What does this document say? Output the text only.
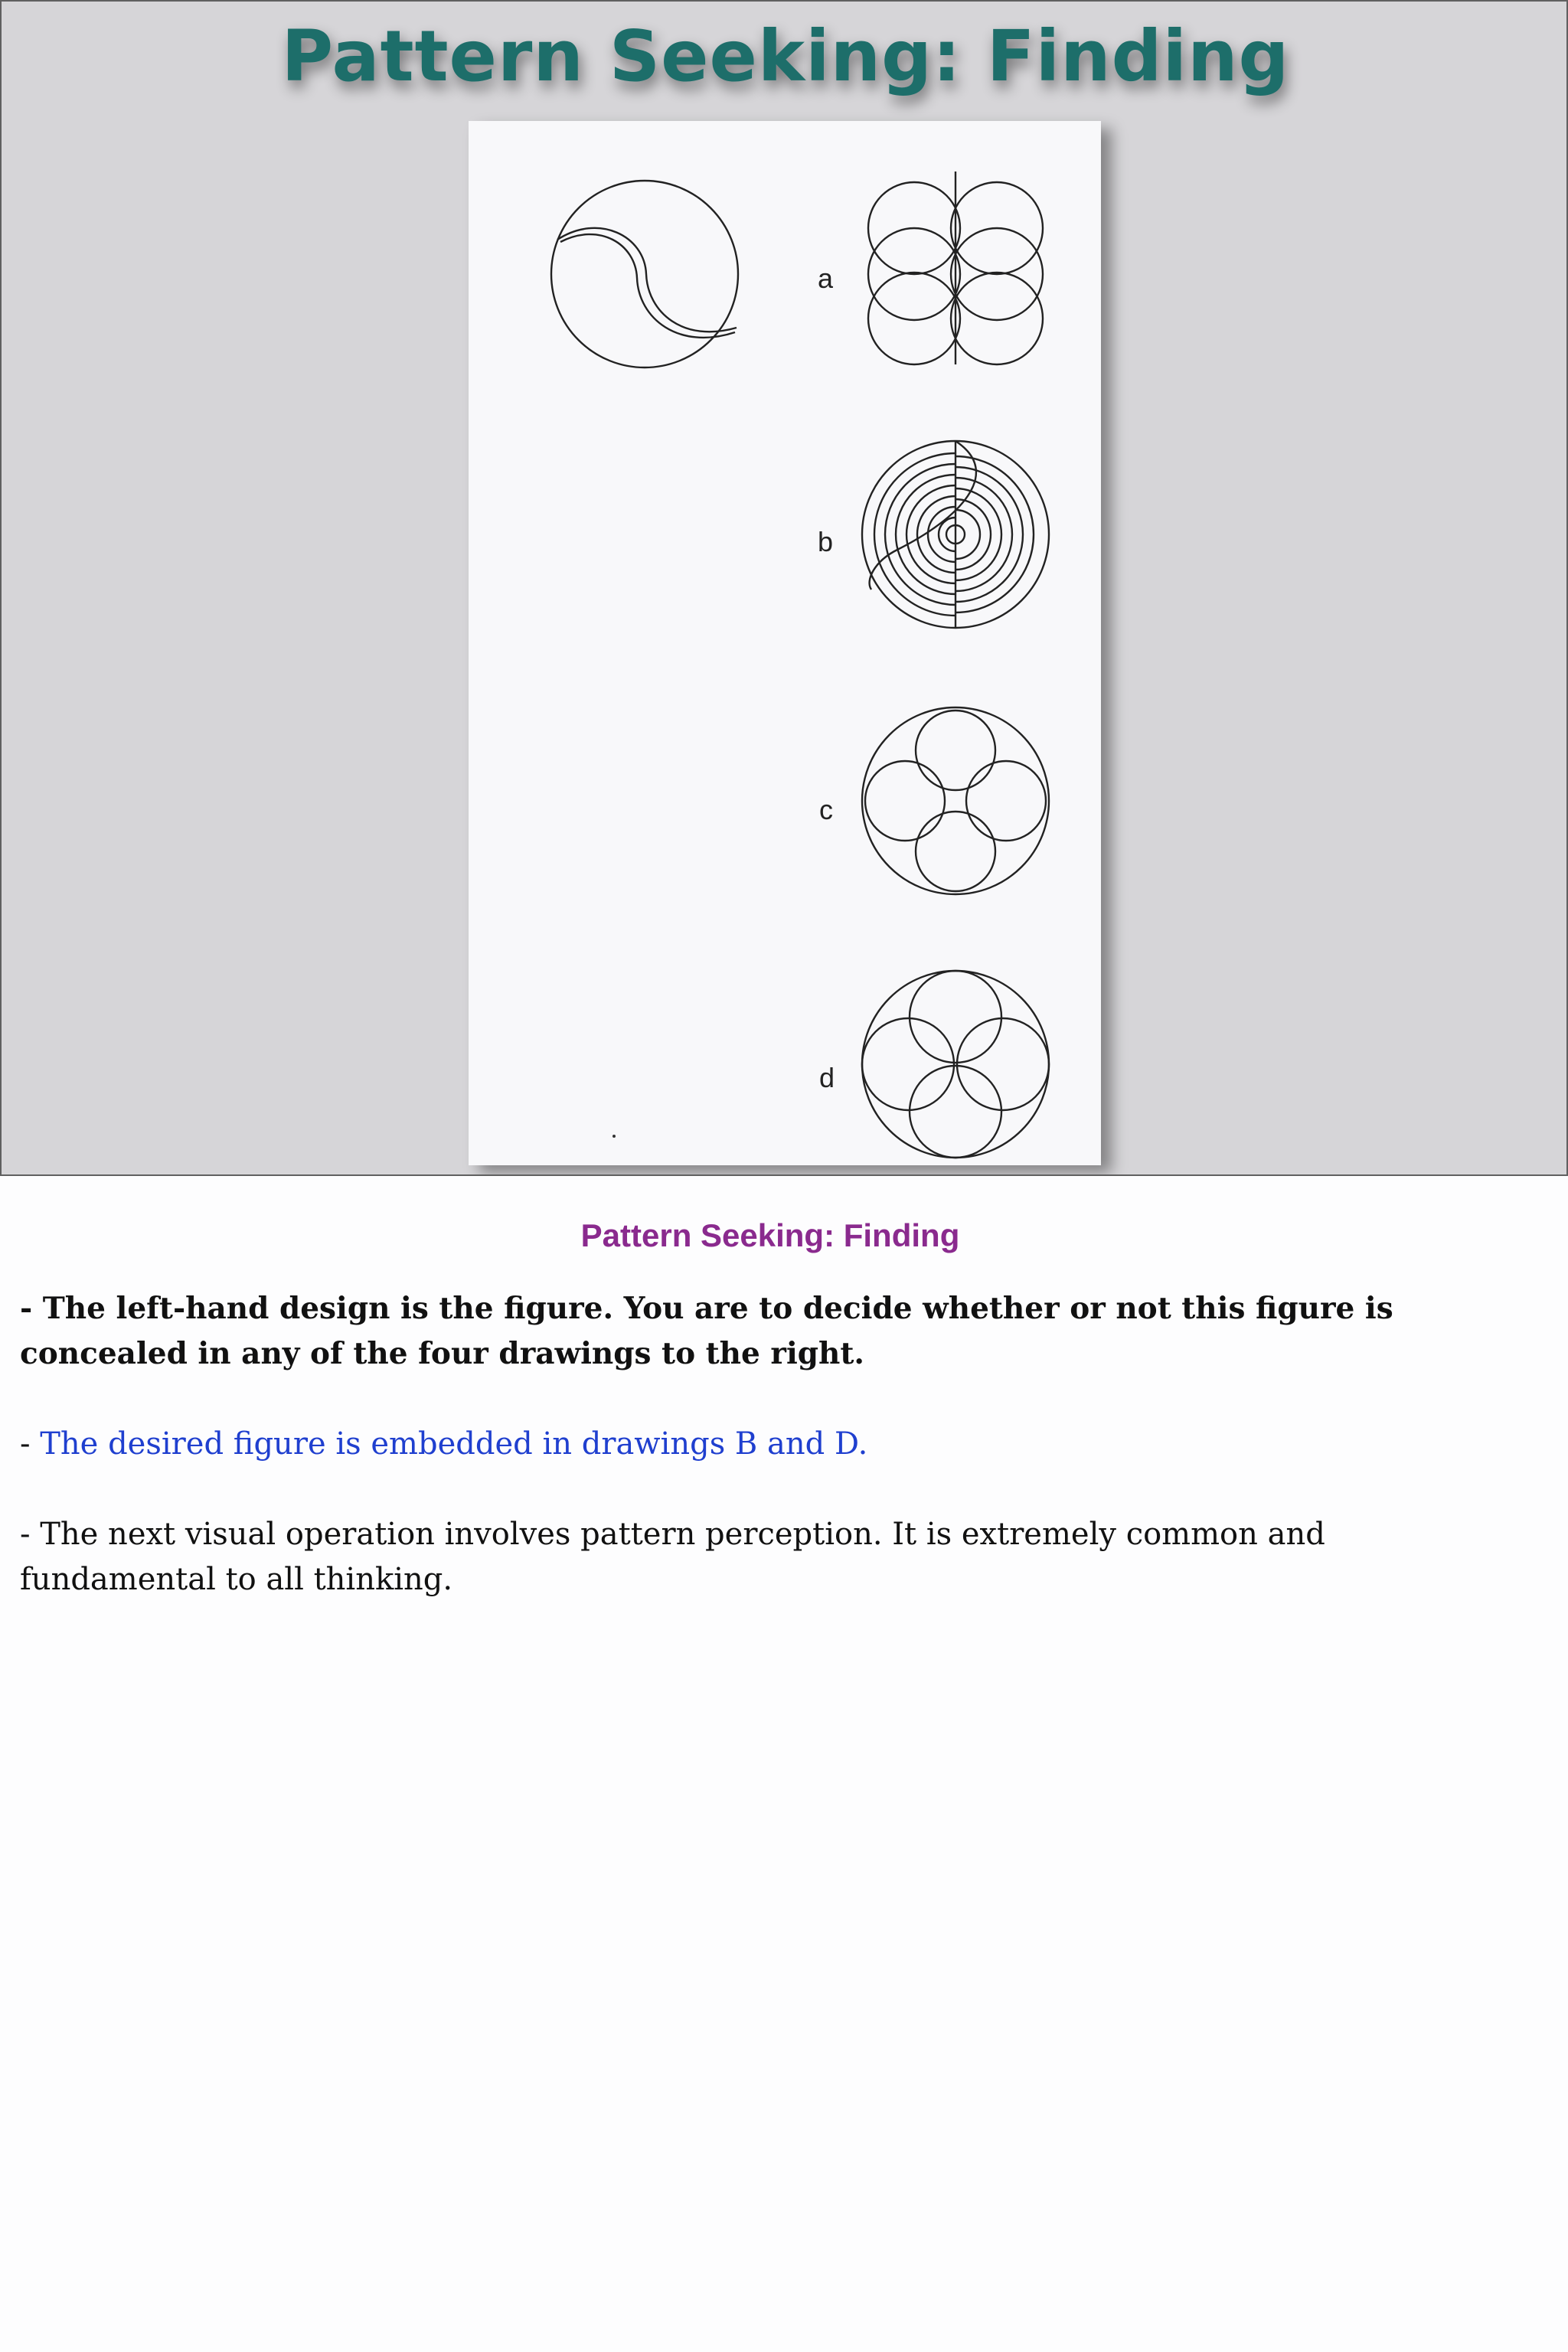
Pattern Seeking: Finding
a
b
c
d
Pattern Seeking: Finding

- The left-hand design is the figure. You are to decide whether or not this figure is concealed in any of the four drawings to the right.

- The desired figure is embedded in drawings B and D.

- The next visual operation involves pattern perception. It is extremely common and fundamental to all thinking.
